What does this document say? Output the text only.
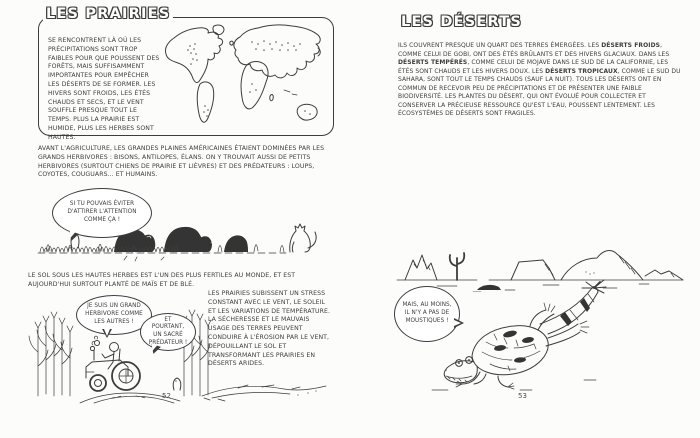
LES PRAIRIES

SE RENCONTRENT LÀ OÙ LES PRÉCIPITATIONS SONT TROP FAIBLES POUR QUE POUSSENT DES FORÊTS, MAIS SUFFISAMMENT IMPORTANTES POUR EMPÊCHER LES DÉSERTS DE SE FORMER. LES HIVERS SONT FROIDS, LES ÉTÉS CHAUDS ET SECS, ET LE VENT SOUFFLE PRESQUE TOUT LE TEMPS. PLUS LA PRAIRIE EST HUMIDE, PLUS LES HERBES SONT HAUTES.

AVANT L'AGRICULTURE, LES GRANDES PLAINES AMÉRICAINES ÉTAIENT DOMINÉES PAR LES GRANDS HERBIVORES : BISONS, ANTILOPES, ÉLANS. ON Y TROUVAIT AUSSI DE PETITS HERBIVORES (SURTOUT CHIENS DE PRAIRIE ET LIÈVRES) ET DES PRÉDATEURS : LOUPS, COYOTES, COUGUARS... ET HUMAINS.

SI TU POUVAIS ÉVITER D'ATTIRER L'ATTENTION COMME ÇA !

LE SOL SOUS LES HAUTES HERBES EST L'UN DES PLUS FERTILES AU MONDE, ET EST AUJOURD'HUI SURTOUT PLANTÉ DE MAÏS ET DE BLÉ.

JE SUIS UN GRAND HERBIVORE COMME LES AUTRES !	ET POURTANT, UN SACRÉ PRÉDATEUR !

LES PRAIRIES SUBISSENT UN STRESS CONSTANT AVEC LE VENT, LE SOLEIL ET LES VARIATIONS DE TEMPÉRATURE. LA SÉCHERESSE ET LE MAUVAIS USAGE DES TERRES PEUVENT CONDUIRE À L'ÉROSION PAR LE VENT, DÉPOUILLANT LE SOL ET TRANSFORMANT LES PRAIRIES EN DÉSERTS ARIDES.

52
LES DÉSERTS

ILS COUVRENT PRESQUE UN QUART DES TERRES ÉMERGÉES. LES DÉSERTS FROIDS, COMME CELUI DE GOBI, ONT DES ÉTÉS BRÛLANTS ET DES HIVERS GLACIAUX. DANS LES DÉSERTS TEMPÉRÉS, COMME CELUI DE MOJAVE DANS LE SUD DE LA CALIFORNIE, LES ÉTÉS SONT CHAUDS ET LES HIVERS DOUX. LES DÉSERTS TROPICAUX, COMME LE SUD DU SAHARA, SONT TOUT LE TEMPS CHAUDS (SAUF LA NUIT). TOUS LES DÉSERTS ONT EN COMMUN DE RECEVOIR PEU DE PRÉCIPITATIONS ET DE PRÉSENTER UNE FAIBLE BIODIVERSITÉ. LES PLANTES DU DÉSERT, QUI ONT ÉVOLUÉ POUR COLLECTER ET CONSERVER LA PRÉCIEUSE RESSOURCE QU'EST L'EAU, POUSSENT LENTEMENT. LES ÉCOSYSTÈMES DE DÉSERTS SONT FRAGILES.

MAIS, AU MOINS, IL N'Y A PAS DE MOUSTIQUES !
53
